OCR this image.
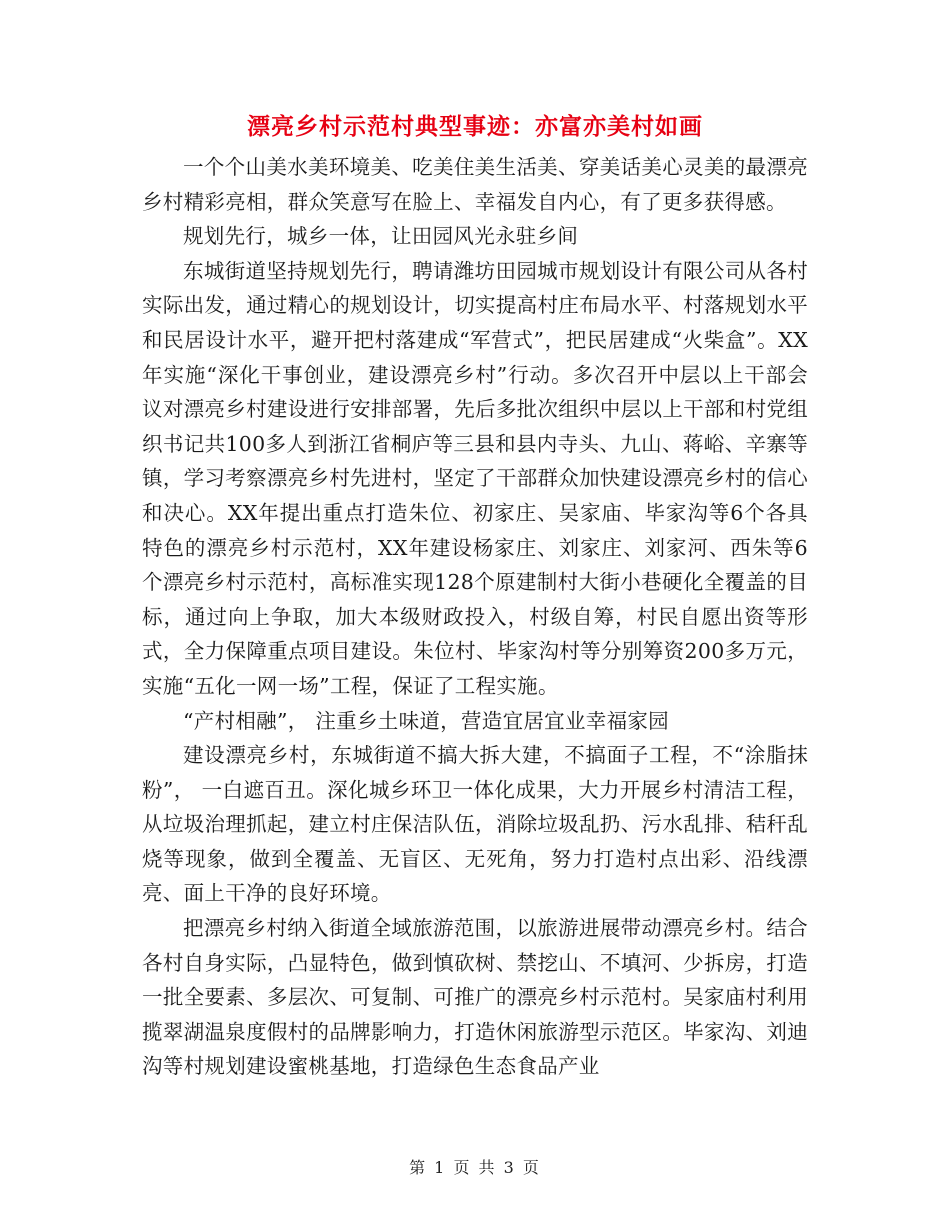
漂亮乡村示范村典型事迹：亦富亦美村如画

一个个山美水美环境美、吃美住美生活美、穿美话美心灵美的最漂亮乡村精彩亮相，群众笑意写在脸上、幸福发自内心，有了更多获得感。

规划先行，城乡一体，让田园风光永驻乡间

东城街道坚持规划先行，聘请潍坊田园城市规划设计有限公司从各村实际出发，通过精心的规划设计，切实提高村庄布局水平、村落规划水平和民居设计水平，避开把村落建成“军营式”，把民居建成“火柴盒”。XX年实施“深化干事创业，建设漂亮乡村”行动。多次召开中层以上干部会议对漂亮乡村建设进行安排部署，先后多批次组织中层以上干部和村党组织书记共100多人到浙江省桐庐等三县和县内寺头、九山、蒋峪、辛寨等镇，学习考察漂亮乡村先进村，坚定了干部群众加快建设漂亮乡村的信心和决心。XX年提出重点打造朱位、初家庄、吴家庙、毕家沟等6个各具特色的漂亮乡村示范村，XX年建设杨家庄、刘家庄、刘家河、西朱等6个漂亮乡村示范村，高标准实现128个原建制村大街小巷硬化全覆盖的目标，通过向上争取，加大本级财政投入，村级自筹，村民自愿出资等形式，全力保障重点项目建设。朱位村、毕家沟村等分别筹资200多万元，实施“五化一网一场”工程，保证了工程实施。

“产村相融”， 注重乡土味道，营造宜居宜业幸福家园

建设漂亮乡村，东城街道不搞大拆大建，不搞面子工程，不“涂脂抹粉”， 一白遮百丑。深化城乡环卫一体化成果，大力开展乡村清洁工程，从垃圾治理抓起，建立村庄保洁队伍，消除垃圾乱扔、污水乱排、秸秆乱烧等现象，做到全覆盖、无盲区、无死角，努力打造村点出彩、沿线漂亮、面上干净的良好环境。

把漂亮乡村纳入街道全域旅游范围，以旅游进展带动漂亮乡村。结合各村自身实际，凸显特色，做到慎砍树、禁挖山、不填河、少拆房，打造一批全要素、多层次、可复制、可推广的漂亮乡村示范村。吴家庙村利用揽翠湖温泉度假村的品牌影响力，打造休闲旅游型示范区。毕家沟、刘迪沟等村规划建设蜜桃基地，打造绿色生态食品产业

第 1 页 共 3 页
